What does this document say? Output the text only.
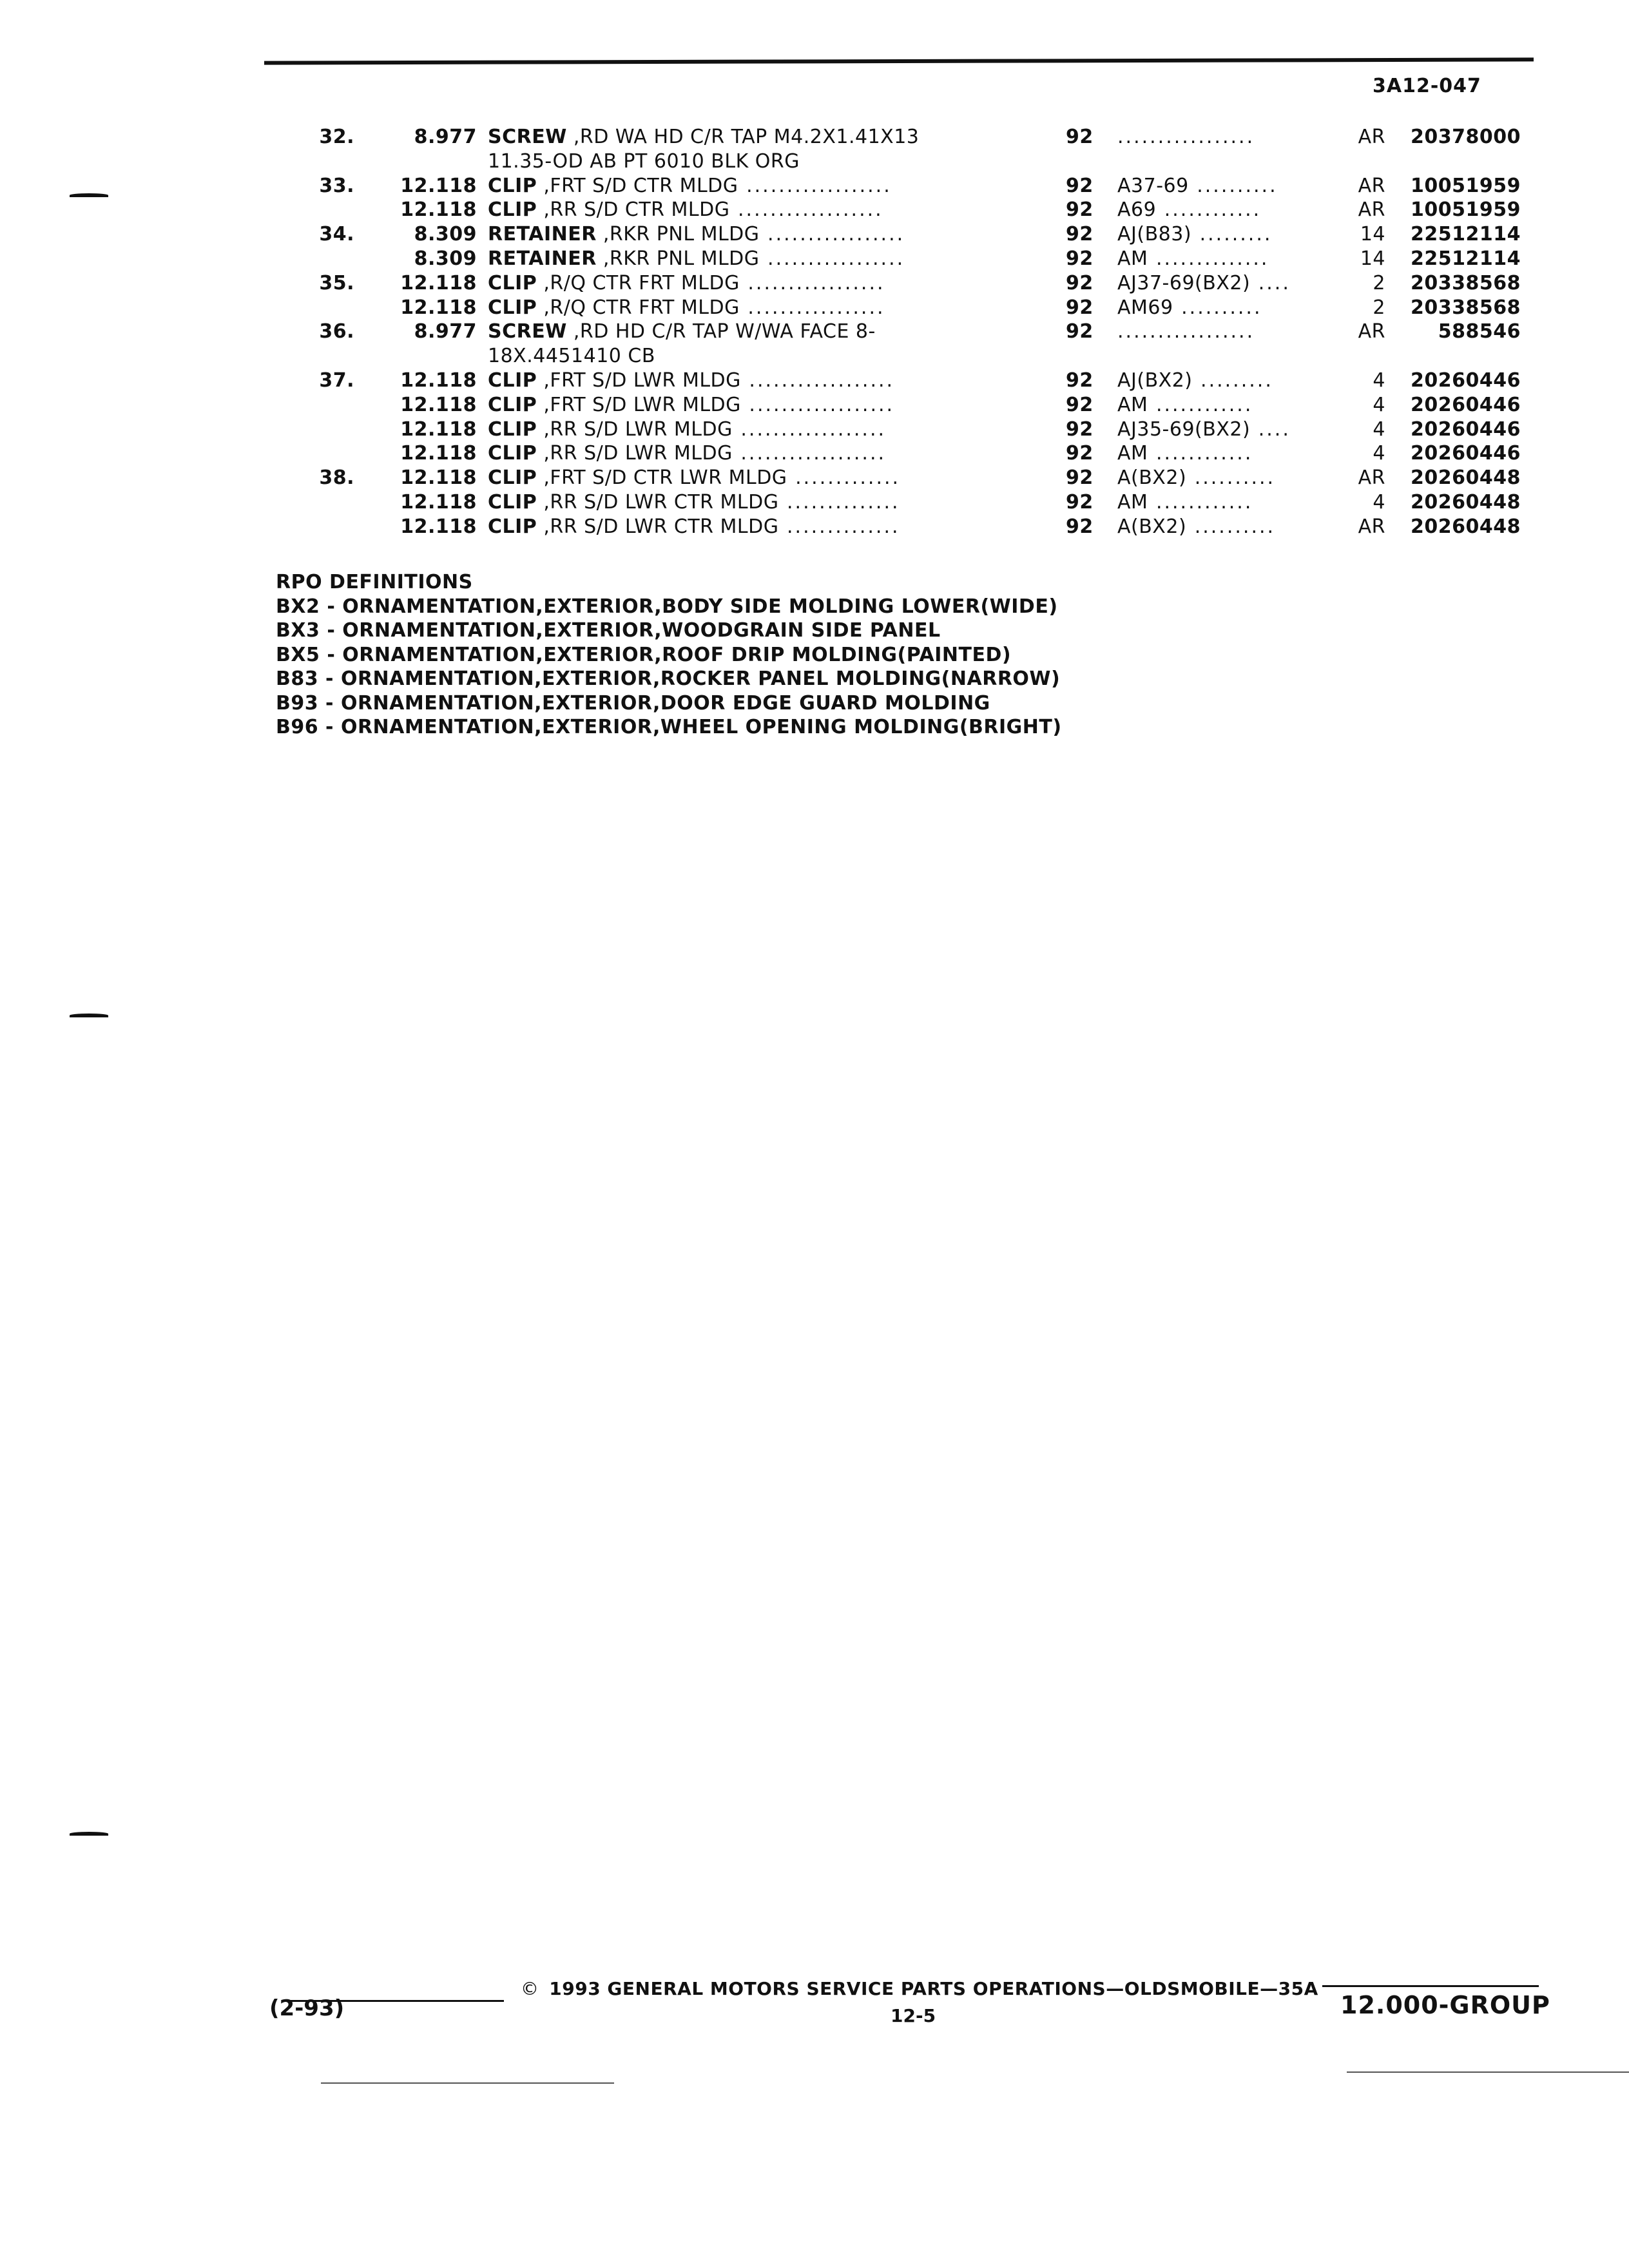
3A12-047
32.	8.977 SCREW ,RD WA HD C/R TAP M4.2X1.41X13	92	.................	AR	20378000
11.35-OD AB PT 6010 BLK ORG
33.	12.118 CLIP ,FRT S/D CTR MLDG ..................	92	A37-69 ..........	AR	10051959
12.118 CLIP ,RR S/D CTR MLDG ..................	92	A69 ............	AR	10051959
34.	8.309 RETAINER ,RKR PNL MLDG .................	92	AJ(B83) .........	14	22512114
8.309 RETAINER ,RKR PNL MLDG .................	92	AM ..............	14	22512114
35.	12.118 CLIP ,R/Q CTR FRT MLDG .................	92	AJ37-69(BX2) ....	2	20338568
12.118 CLIP ,R/Q CTR FRT MLDG .................	92	AM69 ..........	2	20338568
36.	8.977 SCREW ,RD HD C/R TAP W/WA FACE 8-	92	.................	AR	588546
18X.4451410 CB
37.	12.118 CLIP ,FRT S/D LWR MLDG ..................	92	AJ(BX2) .........	4	20260446
12.118 CLIP ,FRT S/D LWR MLDG ..................	92	AM ............	4	20260446
12.118 CLIP ,RR S/D LWR MLDG ..................	92	AJ35-69(BX2) ....	4	20260446
12.118 CLIP ,RR S/D LWR MLDG ..................	92	AM ............	4	20260446
38.	12.118 CLIP ,FRT S/D CTR LWR MLDG .............	92	A(BX2) ..........	AR	20260448
12.118 CLIP ,RR S/D LWR CTR MLDG ..............	92	AM ............	4	20260448
12.118 CLIP ,RR S/D LWR CTR MLDG ..............	92	A(BX2) ..........	AR	20260448
RPO DEFINITIONS
BX2 - ORNAMENTATION,EXTERIOR,BODY SIDE MOLDING LOWER(WIDE)
BX3 - ORNAMENTATION,EXTERIOR,WOODGRAIN SIDE PANEL
BX5 - ORNAMENTATION,EXTERIOR,ROOF DRIP MOLDING(PAINTED)
B83 - ORNAMENTATION,EXTERIOR,ROCKER PANEL MOLDING(NARROW)
B93 - ORNAMENTATION,EXTERIOR,DOOR EDGE GUARD MOLDING
B96 - ORNAMENTATION,EXTERIOR,WHEEL OPENING MOLDING(BRIGHT)
© 1993 GENERAL MOTORS SERVICE PARTS OPERATIONS—OLDSMOBILE—35A
12-5
(2-93)	12.000-GROUP
